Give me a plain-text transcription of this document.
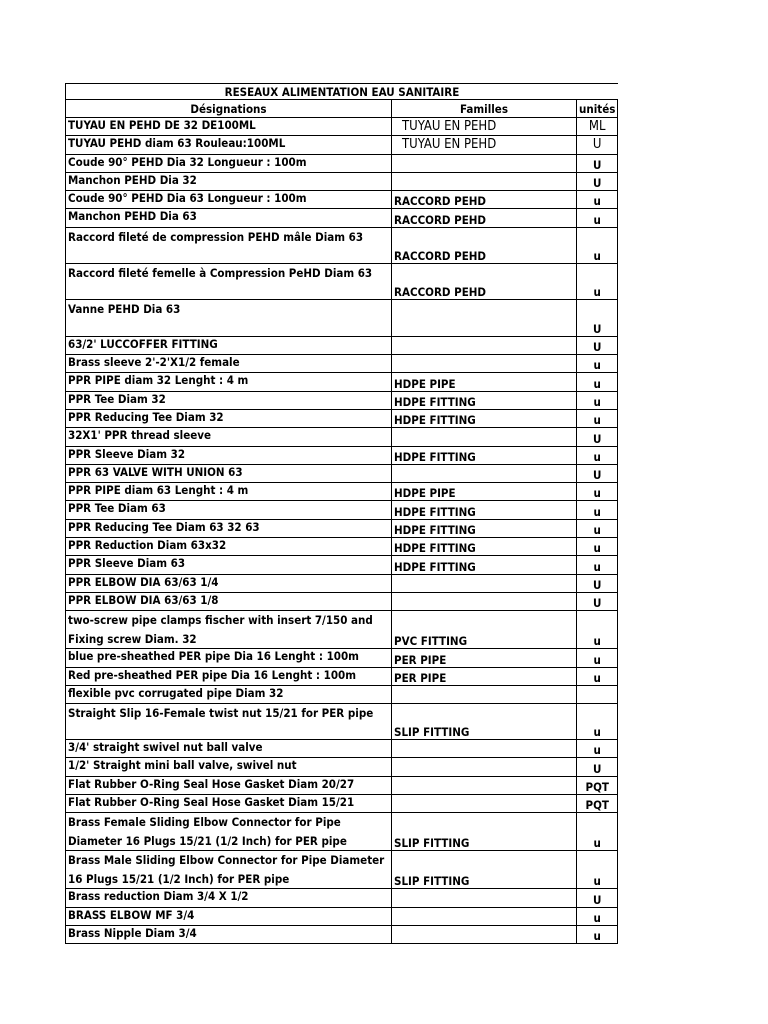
RESEAUX ALIMENTATION EAU SANITAIRE		
Désignations	Familles	unités
TUYAU EN PEHD DE 32 DE100ML	TUYAU EN PEHD	ML
TUYAU PEHD diam 63 Rouleau:100ML	TUYAU EN PEHD	U
Coude 90° PEHD Dia 32 Longueur : 100m		U
Manchon PEHD Dia 32		U
Coude 90° PEHD Dia 63 Longueur : 100m	RACCORD PEHD	u
Manchon PEHD Dia 63	RACCORD PEHD	u
Raccord fileté de compression PEHD mâle Diam 63	RACCORD PEHD	u
Raccord fileté femelle à Compression PeHD Diam 63	RACCORD PEHD	u
Vanne PEHD Dia 63		U
63/2' LUCCOFFER FITTING		U
Brass sleeve 2'-2'X1/2 female		u
PPR PIPE diam 32 Lenght : 4 m	HDPE PIPE	u
PPR Tee Diam 32	HDPE FITTING	u
PPR Reducing Tee Diam 32	HDPE FITTING	u
32X1' PPR thread sleeve		U
PPR Sleeve Diam 32	HDPE FITTING	u
PPR 63 VALVE WITH UNION 63		U
PPR PIPE diam 63 Lenght : 4 m	HDPE PIPE	u
PPR Tee Diam 63	HDPE FITTING	u
PPR Reducing Tee Diam 63 32 63	HDPE FITTING	u
PPR Reduction Diam 63x32	HDPE FITTING	u
PPR Sleeve Diam 63	HDPE FITTING	u
PPR ELBOW DIA 63/63 1/4		U
PPR ELBOW DIA 63/63 1/8		U
two-screw pipe clamps fischer with insert 7/150 and Fixing screw Diam. 32	PVC FITTING	u
blue pre-sheathed PER pipe Dia 16 Lenght : 100m	PER PIPE	u
Red pre-sheathed PER pipe Dia 16 Lenght : 100m	PER PIPE	u
flexible pvc corrugated pipe Diam 32		
Straight Slip 16-Female twist nut 15/21 for PER pipe	SLIP FITTING	u
3/4' straight swivel nut ball valve		u
1/2' Straight mini ball valve, swivel nut		U
Flat Rubber O-Ring Seal Hose Gasket Diam 20/27		PQT
Flat Rubber O-Ring Seal Hose Gasket Diam 15/21		PQT
Brass Female Sliding Elbow Connector for Pipe Diameter 16 Plugs 15/21 (1/2 Inch) for PER pipe	SLIP FITTING	u
Brass Male Sliding Elbow Connector for Pipe Diameter 16 Plugs 15/21 (1/2 Inch) for PER pipe	SLIP FITTING	u
Brass reduction Diam 3/4 X 1/2		U
BRASS ELBOW MF 3/4		u
Brass Nipple Diam 3/4		u
